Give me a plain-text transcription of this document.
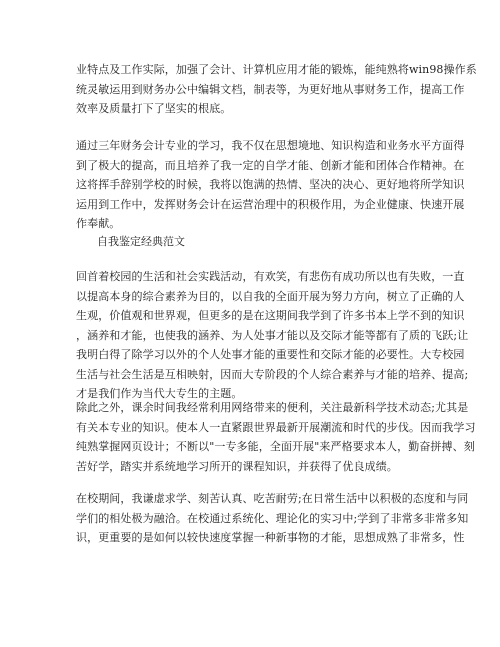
业特点及工作实际，加强了会计、计算机应用才能的锻炼，能纯熟将win98操作系
统灵敏运用到财务办公中编辑文档，制表等，为更好地从事财务工作，提高工作
效率及质量打下了坚实的根底。
通过三年财务会计专业的学习，我不仅在思想境地、知识构造和业务水平方面得
到了极大的提高，而且培养了我一定的自学才能、创新才能和团体合作精神。在
这将挥手辞别学校的时候，我将以饱满的热情、坚决的决心、更好地将所学知识
运用到工作中，发挥财务会计在运营治理中的积极作用，为企业健康、快速开展
作奉献。

自我鉴定经典范文

回首着校园的生活和社会实践活动，有欢笑，有悲伤有成功所以也有失败，一直
以提高本身的综合素养为目的，以自我的全面开展为努力方向，树立了正确的人
生观，价值观和世界观，但更多的是在这期间我学到了许多书本上学不到的知识
，涵养和才能，也使我的涵养、为人处事才能以及交际才能等都有了质的飞跃;让
我明白得了除学习以外的个人处事才能的重要性和交际才能的必要性。大专校园
生活与社会生活是互相映射，因而大专阶段的个人综合素养与才能的培养、提高;
才是我们作为当代大专生的主题。
除此之外，课余时间我经常利用网络带来的便利，关注最新科学技术动态;尤其是
有关本专业的知识。使本人一直紧跟世界最新开展潮流和时代的步伐。因而我学习
纯熟掌握网页设计；不断以"一专多能，全面开展"来严格要求本人，勤奋拼搏、刻
苦好学，踏实并系统地学习所开的课程知识，并获得了优良成绩。
在校期间，我谦虚求学、刻苦认真、吃苦耐劳;在日常生活中以积极的态度和与同
学们的相处极为融洽。在校通过系统化、理论化的实习中;学到了非常多非常多知
识，更重要的是如何以较快速度掌握一种新事物的才能，思想成熟了非常多，性
